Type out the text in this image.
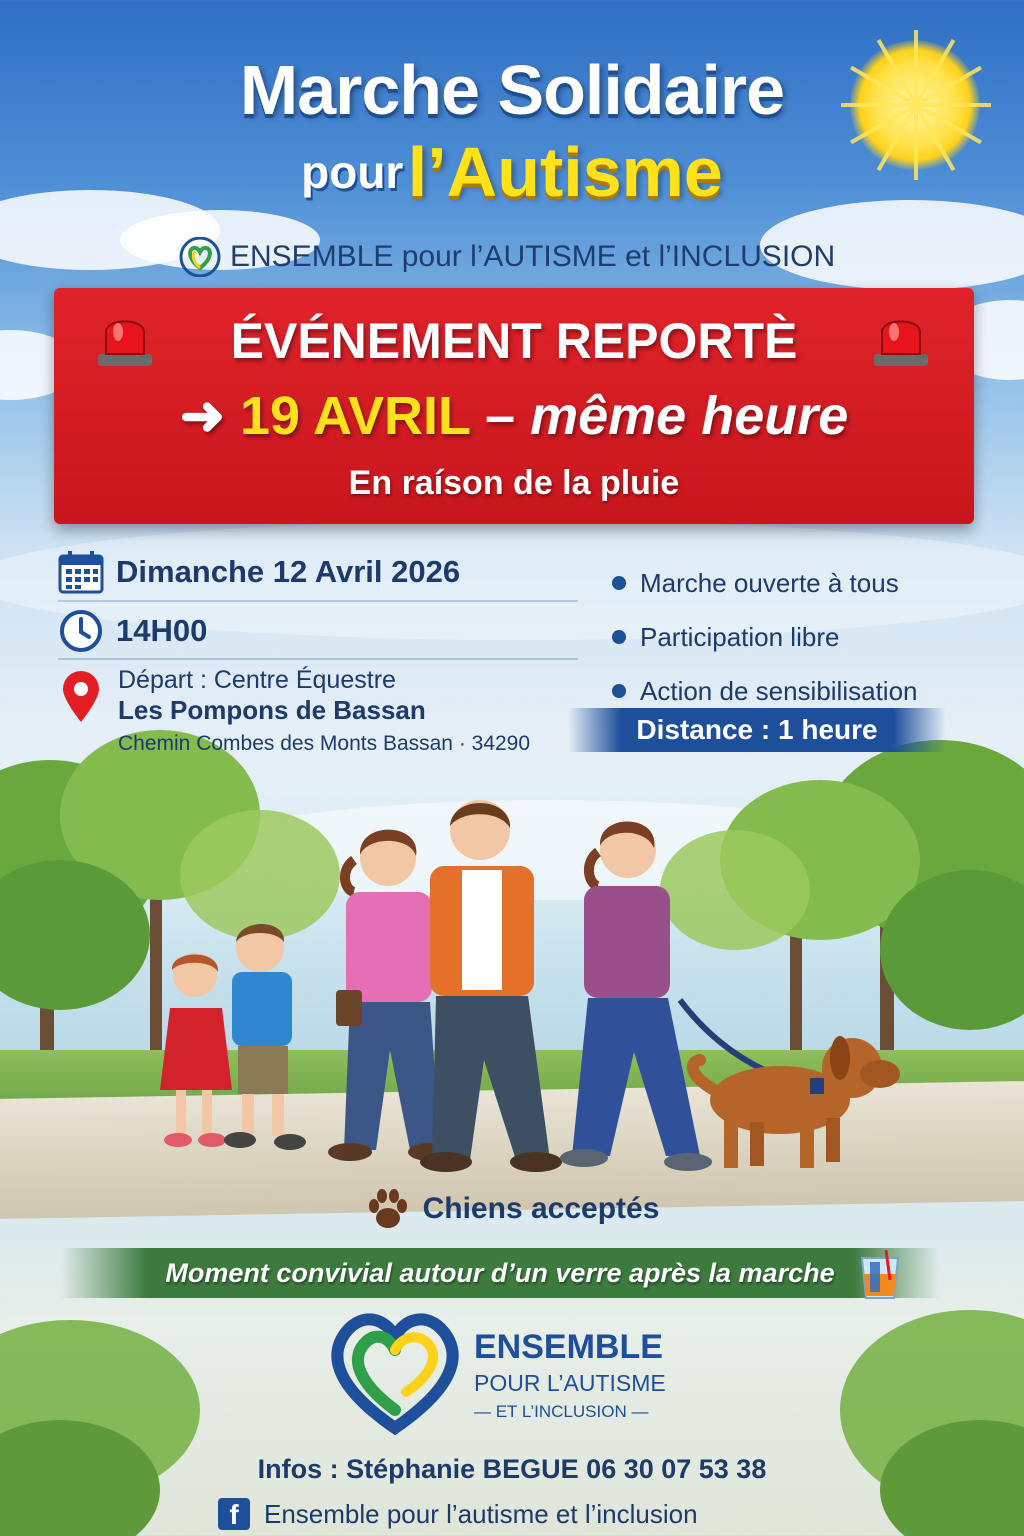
Marche Solidaire
pour l’Autisme
ENSEMBLE pour l’AUTISME et l’INCLUSION
ÉVÉNEMENT REPORTÈ
➜ 19 AVRIL – même heure
En raíson de la pluie
Dimanche 12 Avril 2026
14H00
Départ : Centre Équestre
Les Pompons de Bassan
Chemin Combes des Monts Bassan · 34290
Marche ouverte à tous
Participation libre
Action de sensibilisation
Distance : 1 heure
Chiens acceptés
Moment convivial autour d’un verre après la marche
ENSEMBLE
POUR L’AUTISME
— ET L’INCLUSION —
Infos : Stéphanie BEGUE 06 30 07 53 38
f Ensemble pour l’autisme et l’inclusion
